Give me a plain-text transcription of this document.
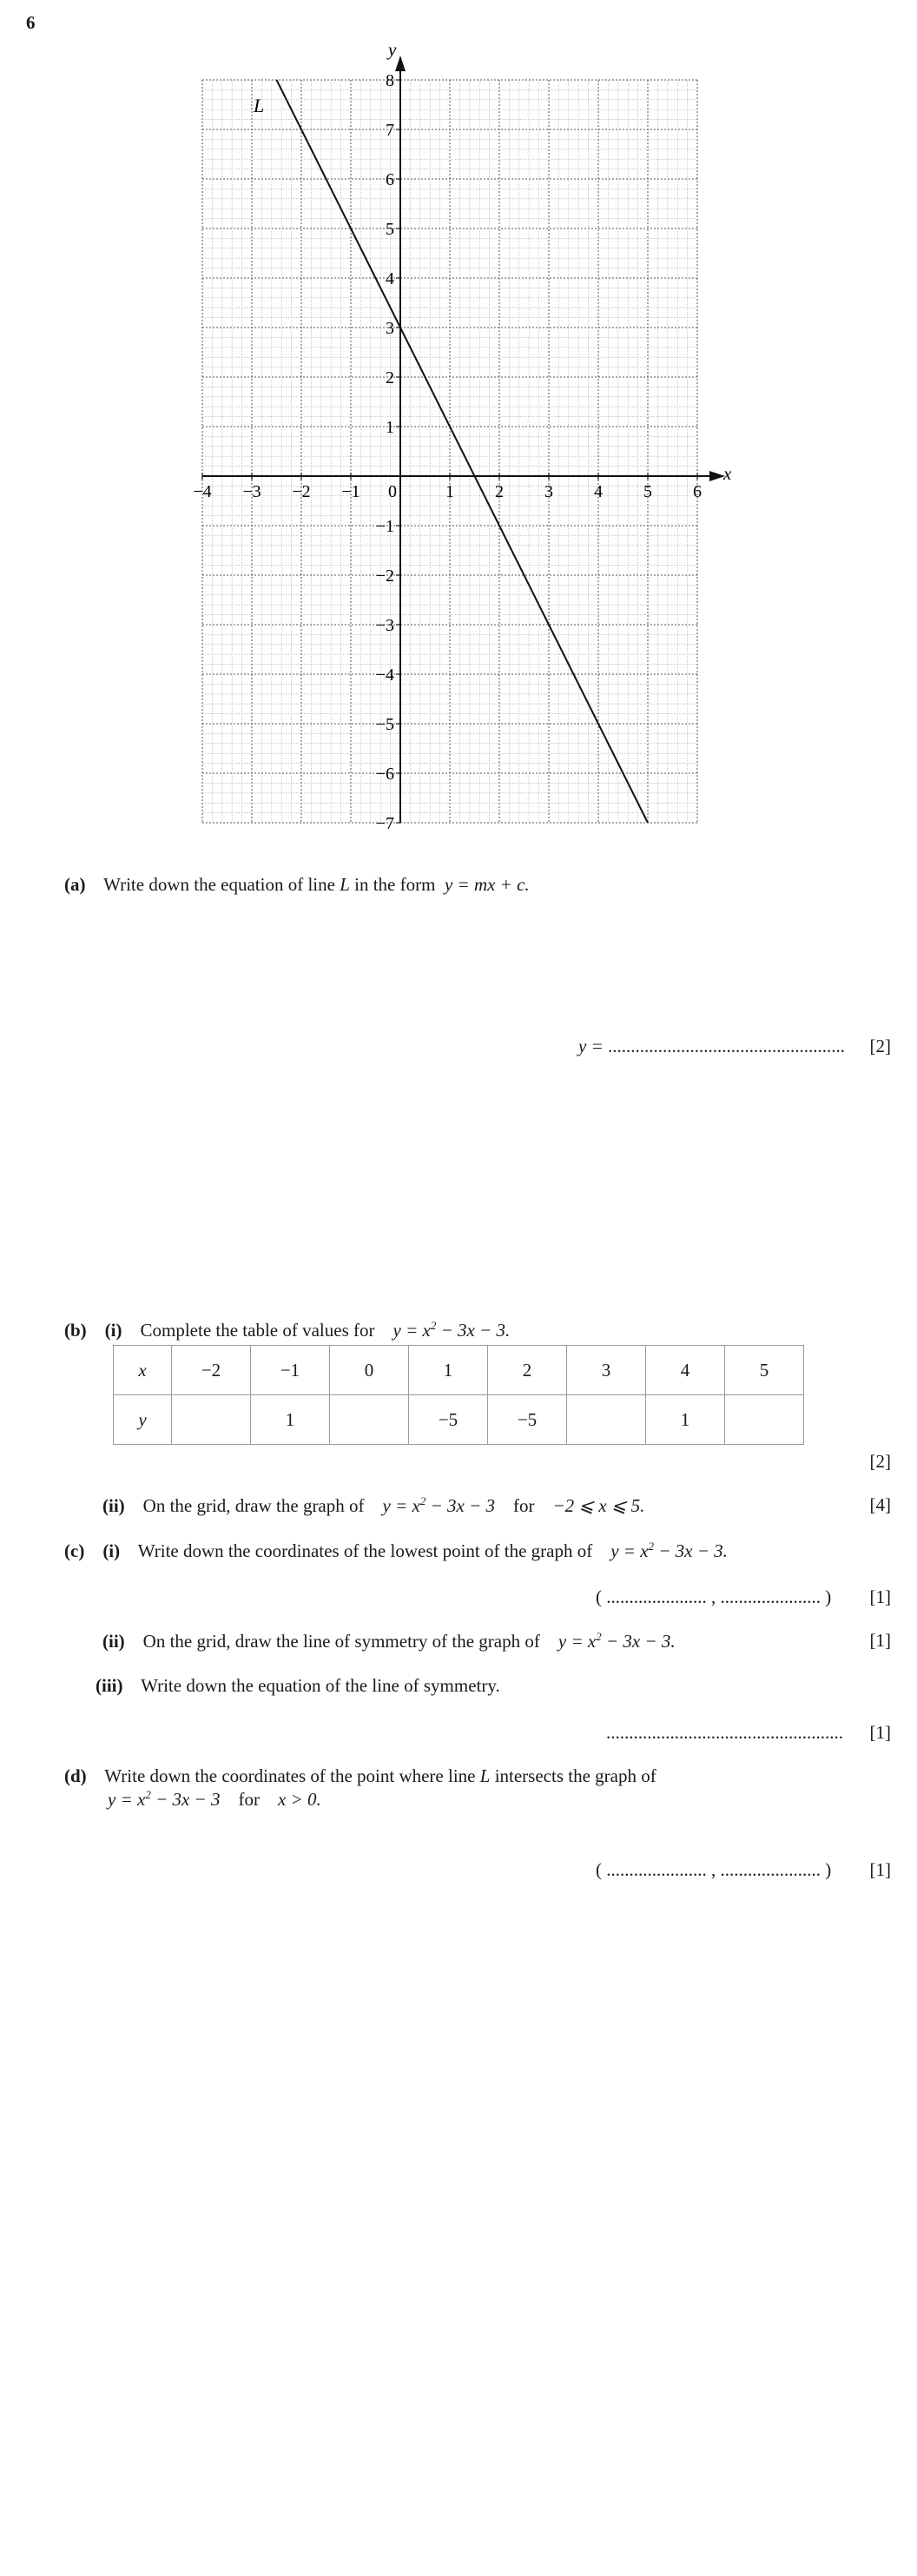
6
x
y
−4 −3 −2 −1 0	1 2 3 4 5 6
8
7
6
5
4
3
2
1
−1
−2
−3
−4
−5
−6
−7
L
(a) Write down the equation of line L in the form y = mx + c.
y = .................................................... [2]
(b) (i) Complete the table of values for $y = x^2 - 3x - 3$.
x	−2	−1	0	1	2	3	4	5
y		1		−5	−5		1	
[2]
(ii) On the grid, draw the graph of $y = x^2 - 3x - 3$ for −2 ⩽ x ⩽ 5.	[4]
(c) (i) Write down the coordinates of the lowest point of the graph of $y = x^2 - 3x - 3$.
( ...................... , ...................... ) [1]
(ii) On the grid, draw the line of symmetry of the graph of $y = x^2 - 3x - 3$.	[1]
(iii) Write down the equation of the line of symmetry.
.................................................... [1]
(d) Write down the coordinates of the point where line L intersects the graph of
$y = x^2 - 3x - 3$ for x > 0.
( ...................... , ...................... ) [1]
